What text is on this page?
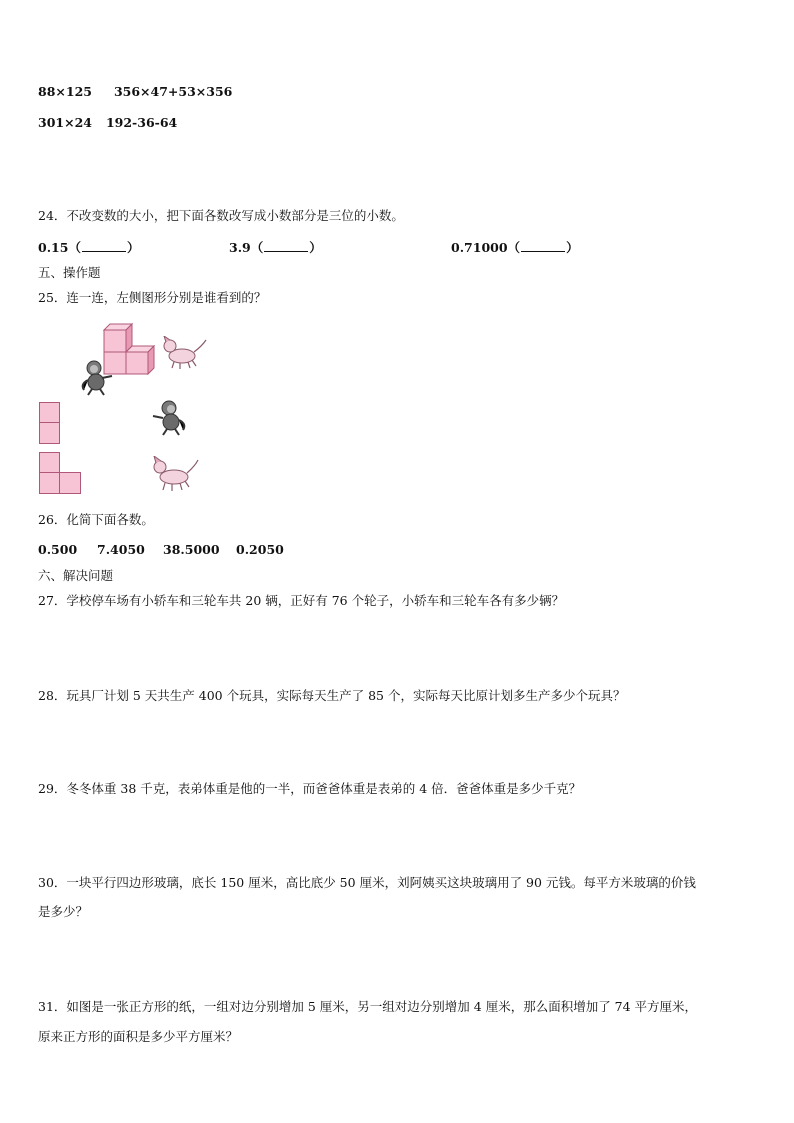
88×125 356×47+53×356
301×24 192-36-64
24．不改变数的大小，把下面各数改写成小数部分是三位的小数。
0.15（	）	3.9（	）	0.71000（	）
五、操作题
25．连一连，左侧图形分别是谁看到的？
26．化简下面各数。
0.500 7.4050 38.5000 0.2050
六、解决问题
27．学校停车场有小轿车和三轮车共 20 辆，正好有 76 个轮子，小轿车和三轮车各有多少辆？
28．玩具厂计划 5 天共生产 400 个玩具，实际每天生产了 85 个，实际每天比原计划多生产多少个玩具？
29．冬冬体重 38 千克，表弟体重是他的一半，而爸爸体重是表弟的 4 倍．爸爸体重是多少千克？
30．一块平行四边形玻璃，底长 150 厘米，高比底少 50 厘米，刘阿姨买这块玻璃用了 90 元钱。每平方米玻璃的价钱
是多少？
31．如图是一张正方形的纸，一组对边分别增加 5 厘米，另一组对边分别增加 4 厘米，那么面积增加了 74 平方厘米，
原来正方形的面积是多少平方厘米？
